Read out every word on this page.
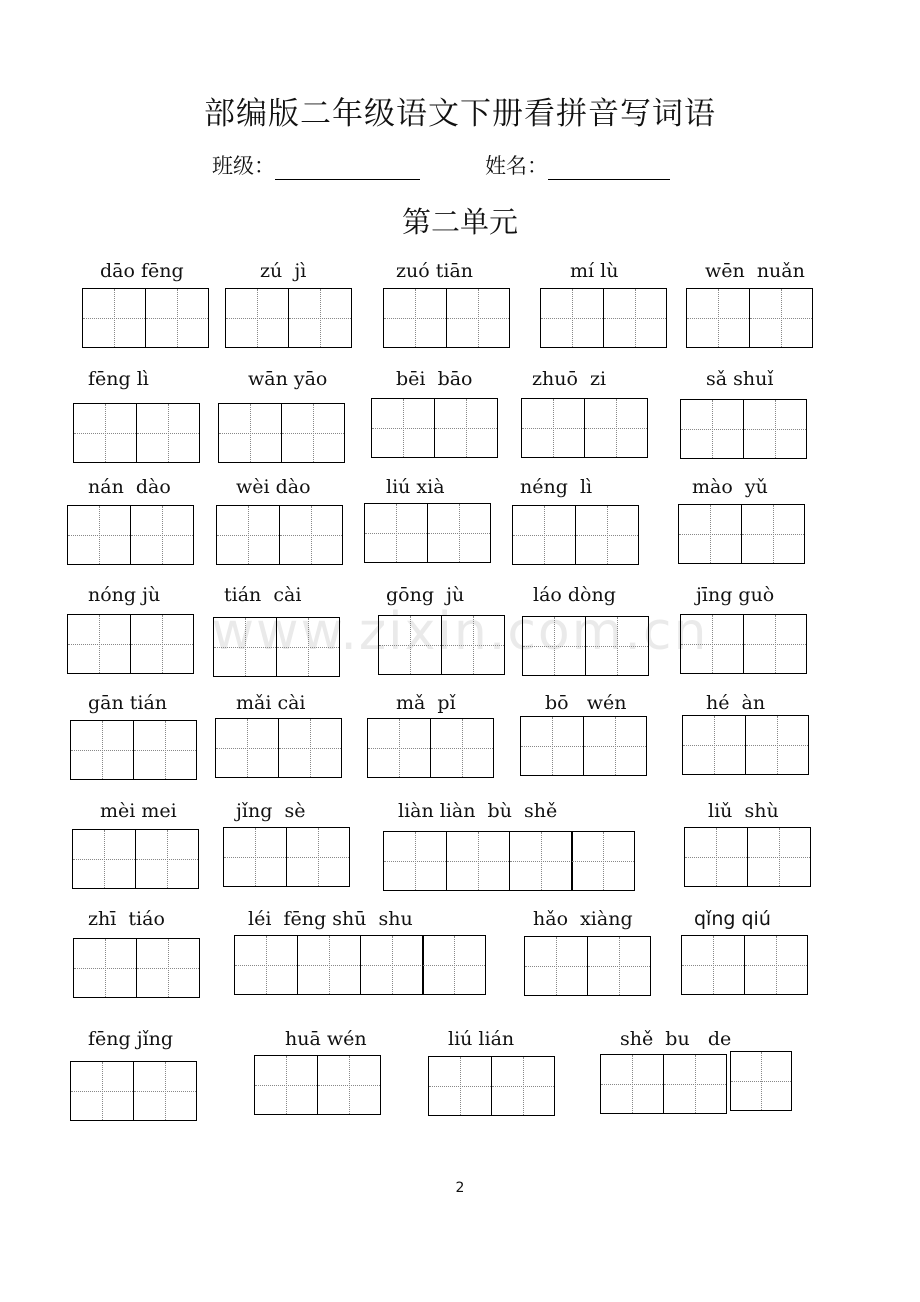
部编版二年级语文下册看拼音写词语
班级：	姓名：
第二单元
www.zixin.com.cn
dāo fēng	zú  jì	zuó tiān	mí lù	wēn  nuǎn
fēng lì	wān yāo	bēi  bāo	zhuō  zi	sǎ shuǐ
nán  dào	wèi dào	liú xià	néng  lì	mào  yǔ
nóng jù	tián  cài	gōng  jù	láo dòng	jīng guò
gān tián	mǎi cài	mǎ  pǐ	bō   wén	hé  àn
mèi mei	jǐng  sè	liàn liàn  bù  shě	liǔ  shù
zhī  tiáo	léi  fēng shū  shu	hǎo  xiàng	qǐng qiú
fēng jǐng	huā wén	liú lián	shě  bu   de
2
